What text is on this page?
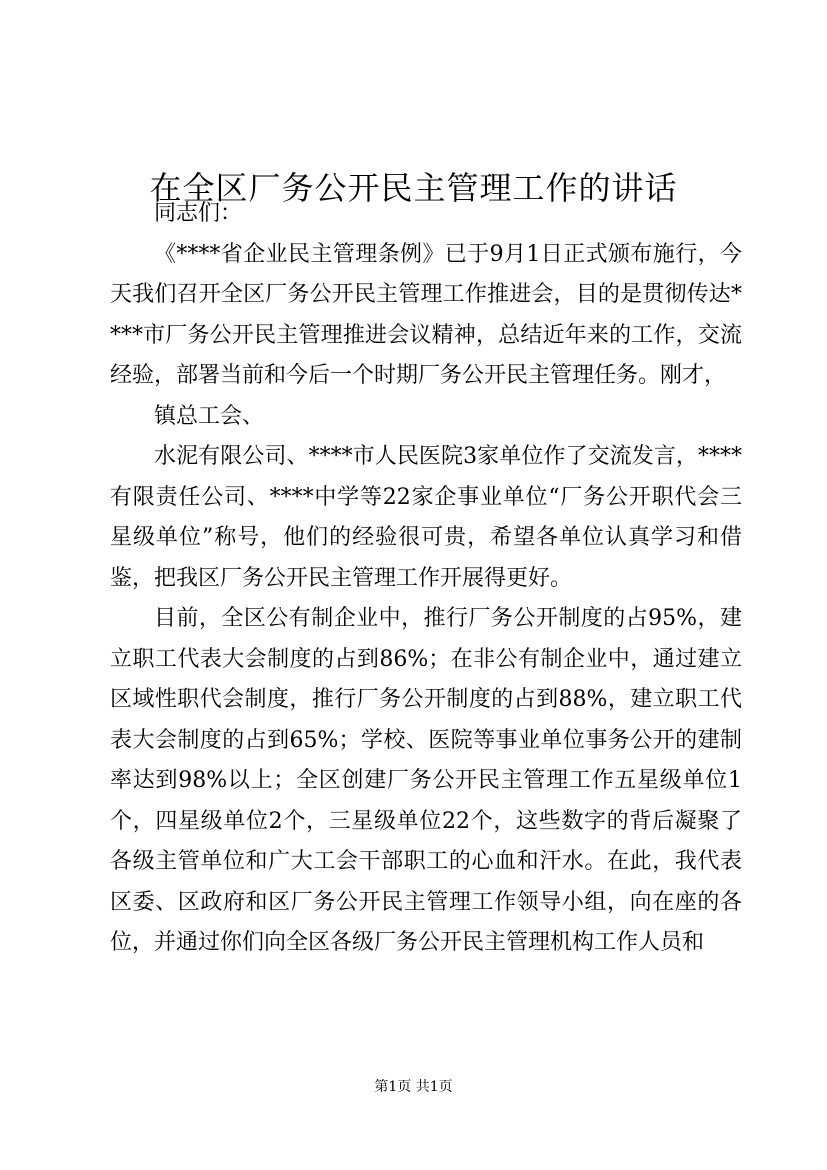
在全区厂务公开民主管理工作的讲话

同志们：

《****省企业民主管理条例》已于9月1日正式颁布施行，今天我们召开全区厂务公开民主管理工作推进会，目的是贯彻传达****市厂务公开民主管理推进会议精神，总结近年来的工作，交流经验，部署当前和今后一个时期厂务公开民主管理任务。刚才，

镇总工会、

水泥有限公司、****市人民医院3家单位作了交流发言，****有限责任公司、****中学等22家企事业单位“厂务公开职代会三星级单位”称号，他们的经验很可贵，希望各单位认真学习和借鉴，把我区厂务公开民主管理工作开展得更好。

目前，全区公有制企业中，推行厂务公开制度的占95%，建立职工代表大会制度的占到86%；在非公有制企业中，通过建立区域性职代会制度，推行厂务公开制度的占到88%，建立职工代表大会制度的占到65%；学校、医院等事业单位事务公开的建制率达到98%以上；全区创建厂务公开民主管理工作五星级单位1个，四星级单位2个，三星级单位22个，这些数字的背后凝聚了各级主管单位和广大工会干部职工的心血和汗水。在此，我代表区委、区政府和区厂务公开民主管理工作领导小组，向在座的各位，并通过你们向全区各级厂务公开民主管理机构工作人员和

第1页 共1页
